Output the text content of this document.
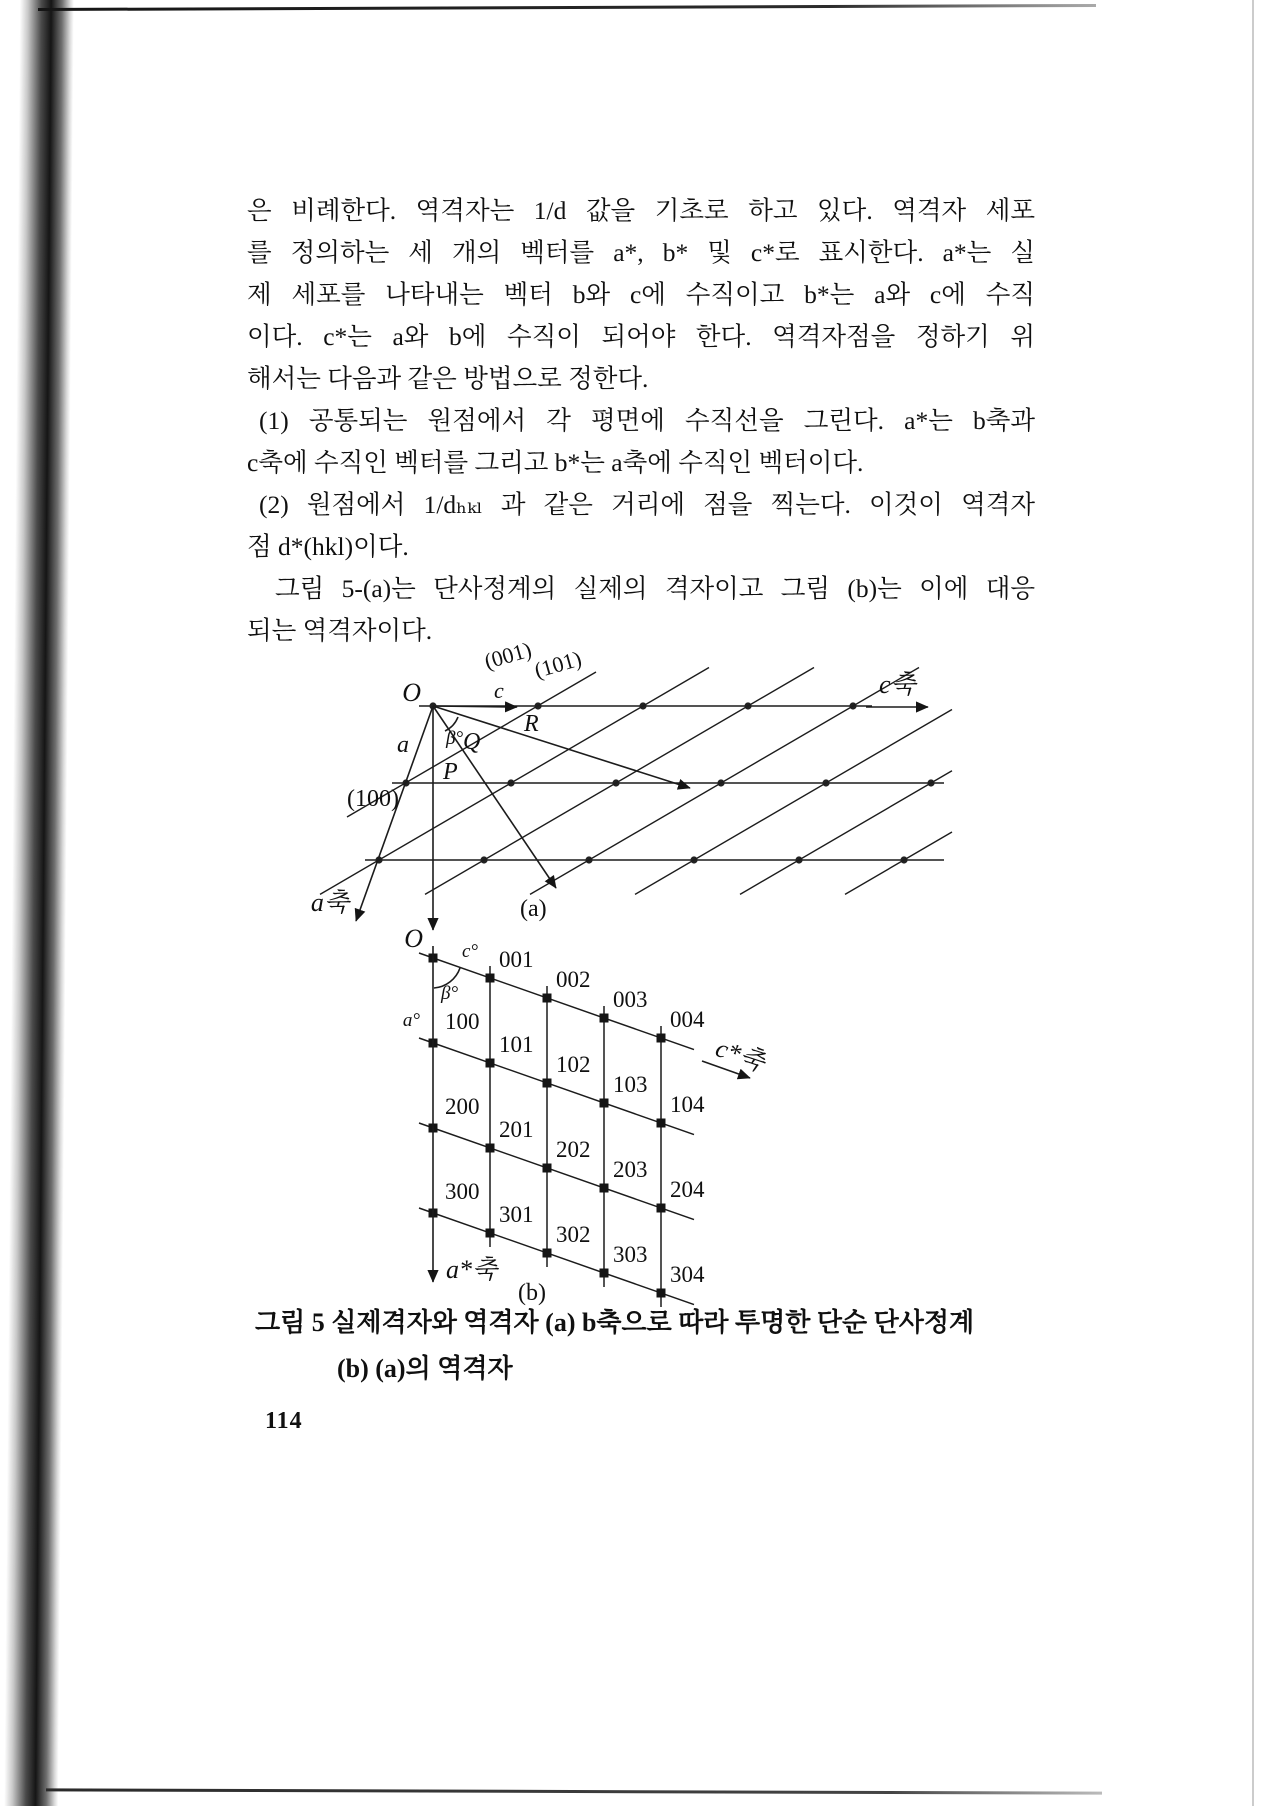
은 비례한다. 역격자는 1/d 값을 기초로 하고 있다. 역격자 세포
를 정의하는 세 개의 벡터를 a*, b* 및 c*로 표시한다. a*는 실
제 세포를 나타내는 벡터 b와 c에 수직이고 b*는 a와 c에 수직
이다. c*는 a와 b에 수직이 되어야 한다. 역격자점을 정하기 위
해서는 다음과 같은 방법으로 정한다.
(1) 공통되는 원점에서 각 평면에 수직선을 그린다. a*는 b축과
c축에 수직인 벡터를 그리고 b*는 a축에 수직인 벡터이다.
(2) 원점에서 1/dₕₖₗ 과 같은 거리에 점을 찍는다. 이것이 역격자
점 d*(hkl)이다.
그림 5-(a)는 단사정계의 실제의 격자이고 그림 (b)는 이에 대응
되는 역격자이다.
O
(001)
(101)
c
R
Q
P
β°
a
(100)
c축
a축	(a)
001
002
003
004
100
101
102
103
104
200
201
202
203
204
300
301
302
303
304
O c°
β°
a°
a*축
c*축
(b)
그림 5 실제격자와 역격자 (a) b축으로 따라 투명한 단순 단사정계
(b) (a)의 역격자
114
